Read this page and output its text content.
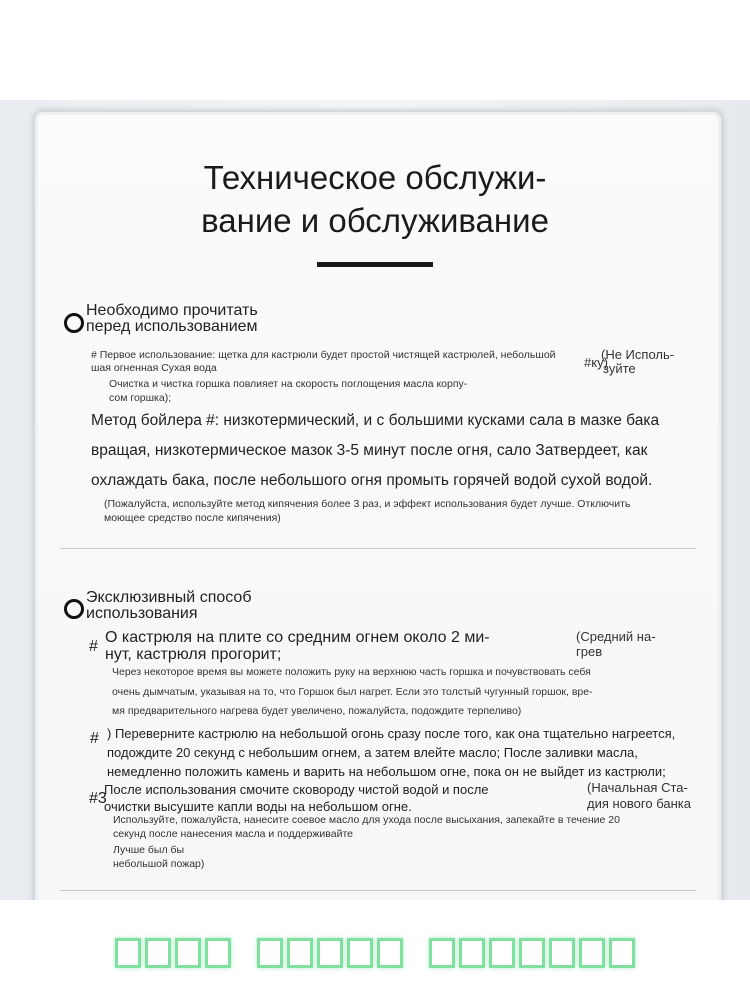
Техническое обслужи-
вание и обслуживание
Необходимо прочитать
перед использованием
# Первое использование: щетка для кастрюли будет простой чистящей кастрюлей, небольшой
шая огненная Сухая вода
(Не Исполь-
зуйте
#ку)
Очистка и чистка горшка повлияет на скорость поглощения масла корпу-
сом горшка);
Метод бойлера #: низкотермический, и с большими кусками сала в мазке бака
вращая, низкотермическое мазок 3-5 минут после огня, сало Затвердеет, как
охлаждать бака, после небольшого огня промыть горячей водой сухой водой.
(Пожалуйста, используйте метод кипячения более 3 раз, и эффект использования будет лучше. Отключить
моющее средство после кипячения)
Эксклюзивный способ
использования
#
О кастрюля на плите со средним огнем около 2 ми-
нут, кастрюля прогорит;
(Средний на-
грев
Через некоторое время вы можете положить руку на верхнюю часть горшка и почувствовать себя
очень дымчатым, указывая на то, что Горшок был нагрет. Если это толстый чугунный горшок, вре-
мя предварительного нагрева будет увеличено, пожалуйста, подождите терпеливо)
# ) Переверните кастрюлю на небольшой огонь сразу после того, как она тщательно нагреется,
подождите 20 секунд с небольшим огнем, а затем влейте масло; После заливки масла,
немедленно положить камень и варить на небольшом огне, пока он не выйдет из кастрюли;
#3
После использования смочите сковороду чистой водой и после
очистки высушите капли воды на небольшом огне.
(Начальная Ста-
дия нового банка
Используйте, пожалуйста, нанесите соевое масло для ухода после высыхания, запекайте в течение 20
секунд после нанесения масла и поддерживайте
Лучше был бы
небольшой пожар)
